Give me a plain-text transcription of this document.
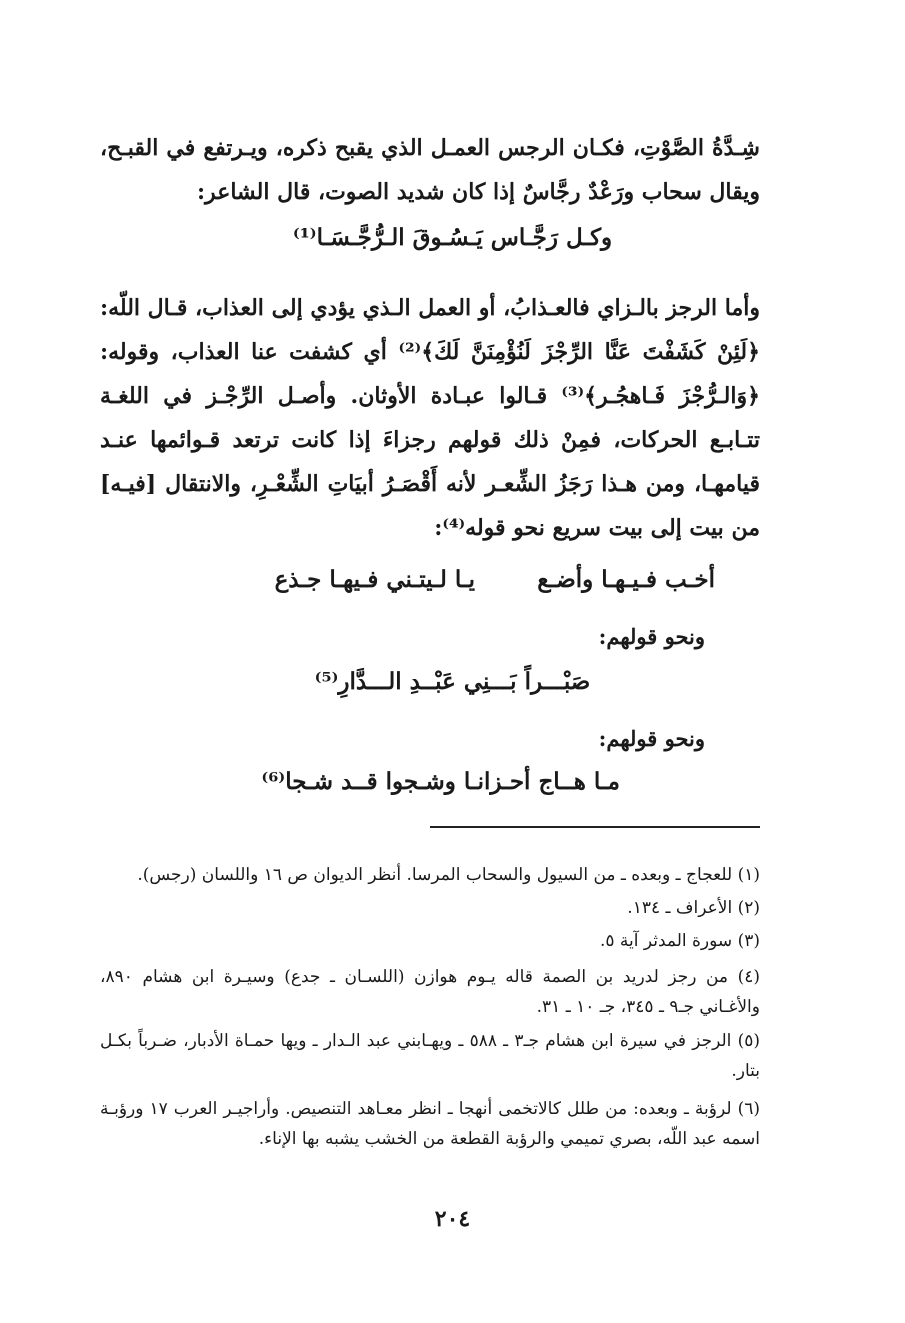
شِـدَّةُ الصَّوْتِ، فكـان الرجس العمـل الذي يقبح ذكره، ويـرتفع في القبـح، ويقال سحاب ورَعْدٌ رجَّاسٌ إذا كان شديد الصوت، قال الشاعر:
وكـل رَجَّـاس يَـسُـوقَ الـرُّجَّـسَـا⁽¹⁾
وأما الرجز بالـزاي فالعـذابُ، أو العمل الـذي يؤدي إلى العذاب، قـال اللّه: ﴿لَئِنْ كَشَفْتَ عَنَّا الرِّجْزَ لَنُؤْمِنَنَّ لَكَ﴾⁽²⁾ أي كشفت عنا العذاب، وقوله: ﴿وَالـرُّجْزَ فَـاهجُـر﴾⁽³⁾ قـالوا عبـادة الأوثان. وأصـل الرِّجْـز في اللغـة تتـابـع الحركات، فمِنْ ذلك قولهم رجزاءَ إذا كانت ترتعد قـوائمها عنـد قيامهـا، ومن هـذا رَجَزُ الشِّعـر لأنه أَقْصَـرُ أبيَاتِ الشِّعْـرِ، والانتقال [فيـه] من بيت إلى بيت سريع نحو قوله⁽⁴⁾:
يـا لـيتـني فـيهـا جـذع	أخـب فـيـهـا وأضـع
ونحو قولهم:
صَبْـــراً بَـــنِي عَبْــدِ الـــدَّارِ⁽⁵⁾
ونحو قولهم:
مـا هــاج أحـزانـا وشـجوا قــد شـجا⁽⁶⁾
(١) للعجاج ـ وبعده ـ من السيول والسحاب المرسا. أنظر الديوان ص ١٦ واللسان (رجس).
(٢) الأعراف ـ ١٣٤.
(٣) سورة المدثر آية ٥.
(٤) من رجز لدريد بن الصمة قاله يـوم هوازن (اللسـان ـ جدع) وسيـرة ابن هشام ٨٩٠، والأغـاني جـ٩ ـ ٣٤٥، جـ ١٠ ـ ٣١.
(٥) الرجز في سيرة ابن هشام جـ٣ ـ ٥٨٨ ـ ويهـابني عبد الـدار ـ ويها حمـاة الأدبار، ضـرباً بكـل بتار.
(٦) لرؤبة ـ وبعده: من طلل كالاتخمى أنهجا ـ انظر معـاهد التنصيص. وأراجيـر العرب ١٧ ورؤبـة اسمه عبد اللّه، بصري تميمي والرؤبة القطعة من الخشب يشبه بها الإناء.
٢٠٤
